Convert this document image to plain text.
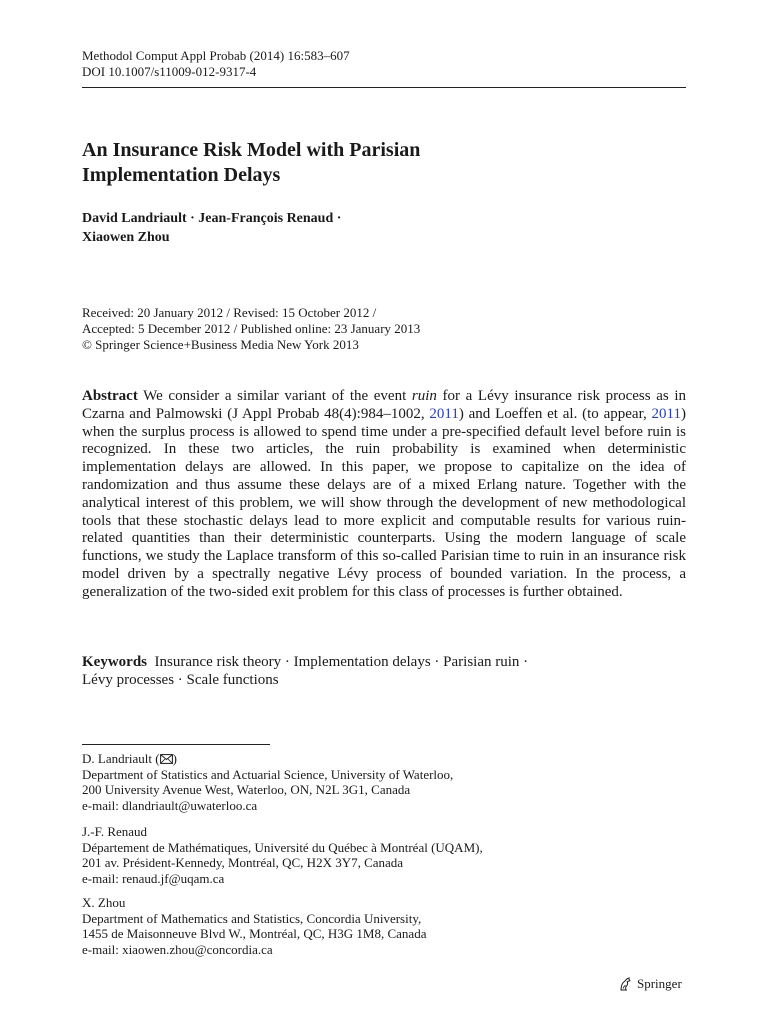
Methodol Comput Appl Probab (2014) 16:583–607
DOI 10.1007/s11009-012-9317-4
An Insurance Risk Model with Parisian
Implementation Delays
David Landriault · Jean-François Renaud ·
Xiaowen Zhou
Received: 20 January 2012 / Revised: 15 October 2012 /
Accepted: 5 December 2012 / Published online: 23 January 2013
© Springer Science+Business Media New York 2013
Abstract We consider a similar variant of the event ruin for a Lévy insurance risk process as in Czarna and Palmowski (J Appl Probab 48(4):984–1002, 2011) and Loeffen et al. (to appear, 2011) when the surplus process is allowed to spend time under a pre-specified default level before ruin is recognized. In these two articles, the ruin probability is examined when deterministic implementation delays are allowed. In this paper, we propose to capitalize on the idea of randomization and thus assume these delays are of a mixed Erlang nature. Together with the analytical interest of this problem, we will show through the development of new methodological tools that these stochastic delays lead to more explicit and computable results for various ruin-related quantities than their deterministic counterparts. Using the modern language of scale functions, we study the Laplace transform of this so-called Parisian time to ruin in an insurance risk model driven by a spectrally negative Lévy process of bounded variation. In the process, a generalization of the two-sided exit problem for this class of processes is further obtained.
Keywords Insurance risk theory · Implementation delays · Parisian ruin ·
Lévy processes · Scale functions
D. Landriault ( )
Department of Statistics and Actuarial Science, University of Waterloo,
200 University Avenue West, Waterloo, ON, N2L 3G1, Canada
e-mail: dlandriault@uwaterloo.ca
J.-F. Renaud
Département de Mathématiques, Université du Québec à Montréal (UQAM),
201 av. Président-Kennedy, Montréal, QC, H2X 3Y7, Canada
e-mail: renaud.jf@uqam.ca
X. Zhou
Department of Mathematics and Statistics, Concordia University,
1455 de Maisonneuve Blvd W., Montréal, QC, H3G 1M8, Canada
e-mail: xiaowen.zhou@concordia.ca
Springer
